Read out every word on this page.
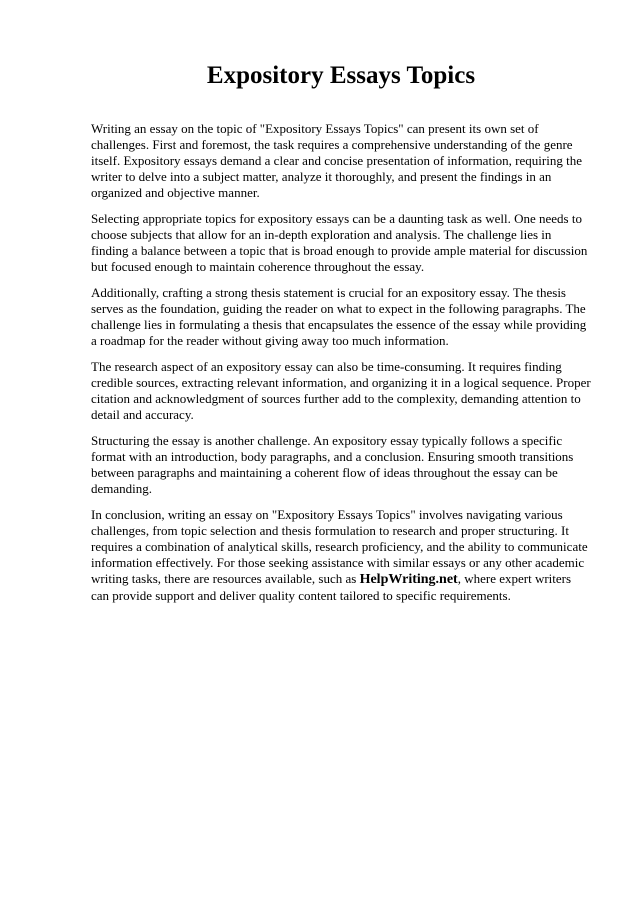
Expository Essays Topics

Writing an essay on the topic of "Expository Essays Topics" can present its own set of challenges. First and foremost, the task requires a comprehensive understanding of the genre itself. Expository essays demand a clear and concise presentation of information, requiring the writer to delve into a subject matter, analyze it thoroughly, and present the findings in an organized and objective manner.

Selecting appropriate topics for expository essays can be a daunting task as well. One needs to choose subjects that allow for an in-depth exploration and analysis. The challenge lies in finding a balance between a topic that is broad enough to provide ample material for discussion but focused enough to maintain coherence throughout the essay.

Additionally, crafting a strong thesis statement is crucial for an expository essay. The thesis serves as the foundation, guiding the reader on what to expect in the following paragraphs. The challenge lies in formulating a thesis that encapsulates the essence of the essay while providing a roadmap for the reader without giving away too much information.

The research aspect of an expository essay can also be time-consuming. It requires finding credible sources, extracting relevant information, and organizing it in a logical sequence. Proper citation and acknowledgment of sources further add to the complexity, demanding attention to detail and accuracy.

Structuring the essay is another challenge. An expository essay typically follows a specific format with an introduction, body paragraphs, and a conclusion. Ensuring smooth transitions between paragraphs and maintaining a coherent flow of ideas throughout the essay can be demanding.

In conclusion, writing an essay on "Expository Essays Topics" involves navigating various challenges, from topic selection and thesis formulation to research and proper structuring. It requires a combination of analytical skills, research proficiency, and the ability to communicate information effectively. For those seeking assistance with similar essays or any other academic writing tasks, there are resources available, such as HelpWriting.net, where expert writers can provide support and deliver quality content tailored to specific requirements.
